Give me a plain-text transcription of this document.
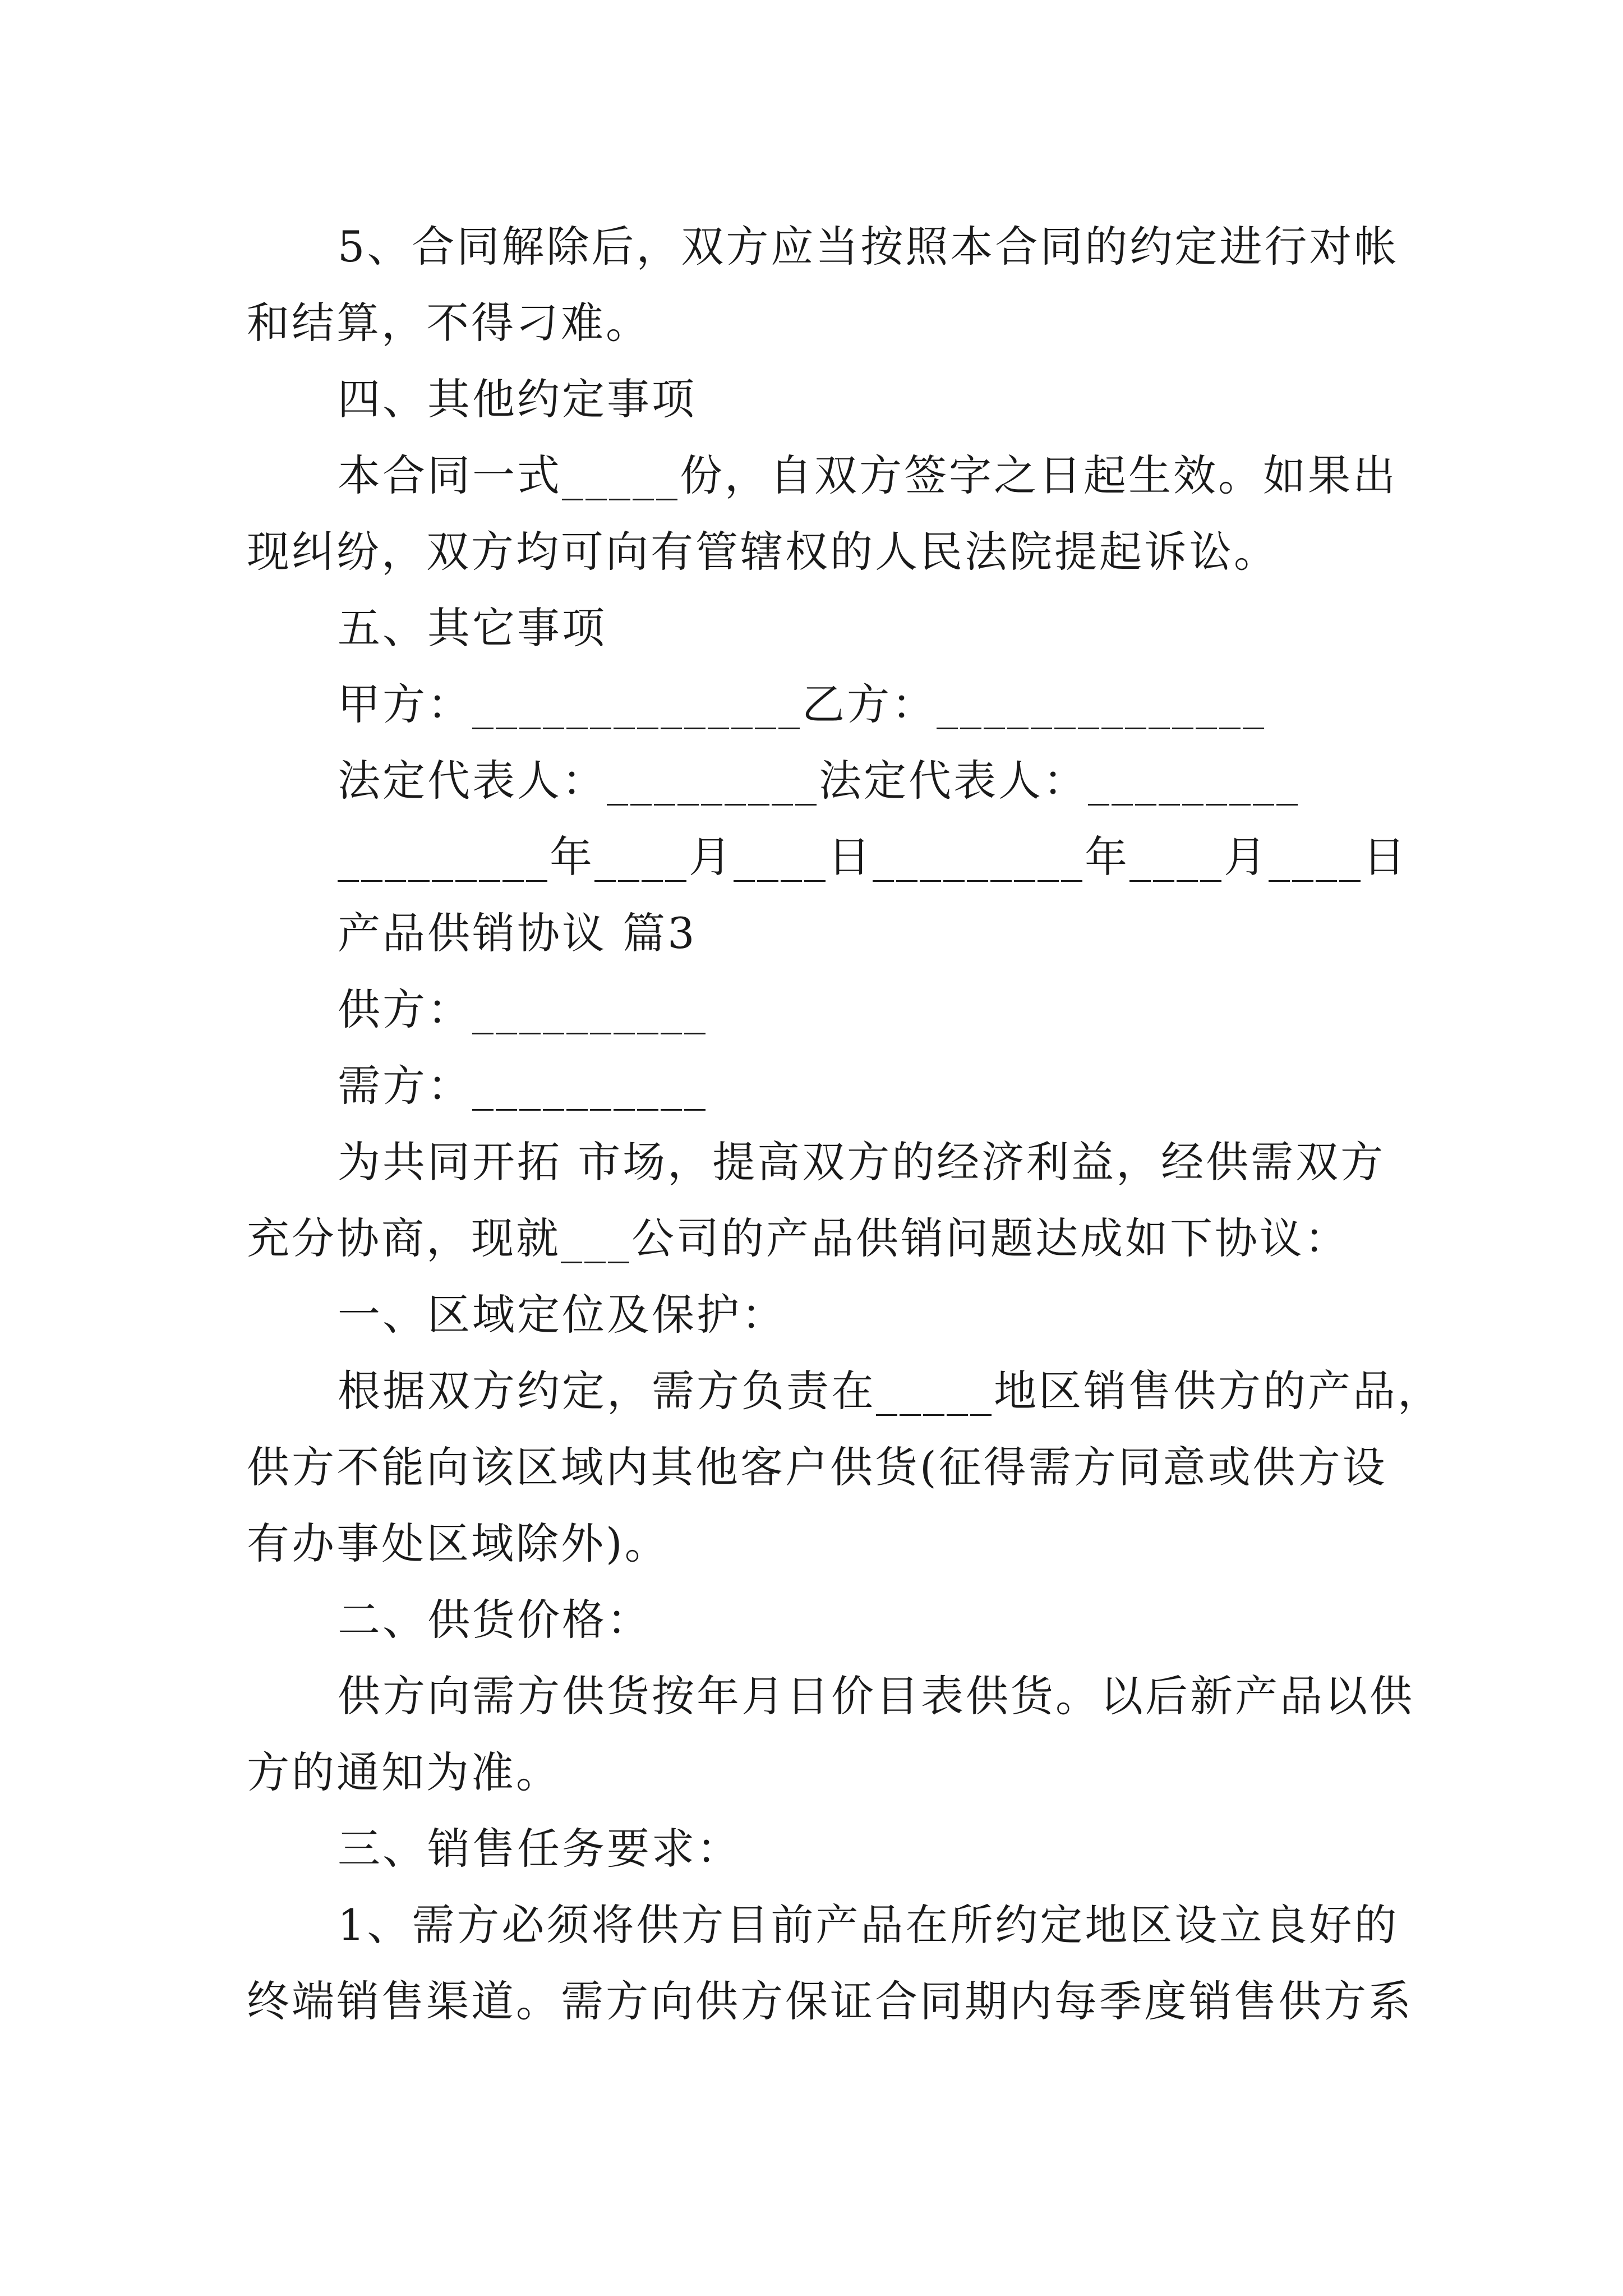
5、合同解除后，双方应当按照本合同的约定进行对帐
和结算，不得刁难。
四、其他约定事项
本合同一式_____份，自双方签字之日起生效。如果出
现纠纷，双方均可向有管辖权的人民法院提起诉讼。
五、其它事项
甲方：______________乙方：______________
法定代表人：_________法定代表人：_________
_________年____月____日_________年____月____日
产品供销协议 篇3
供方：__________
需方：__________
为共同开拓 市场，提高双方的经济利益，经供需双方
充分协商，现就___公司的产品供销问题达成如下协议：
一、区域定位及保护：
根据双方约定，需方负责在_____地区销售供方的产品，
供方不能向该区域内其他客户供货(征得需方同意或供方设
有办事处区域除外)。
二、供货价格：
供方向需方供货按年月日价目表供货。以后新产品以供
方的通知为准。
三、销售任务要求：
1、需方必须将供方目前产品在所约定地区设立良好的
终端销售渠道。需方向供方保证合同期内每季度销售供方系
